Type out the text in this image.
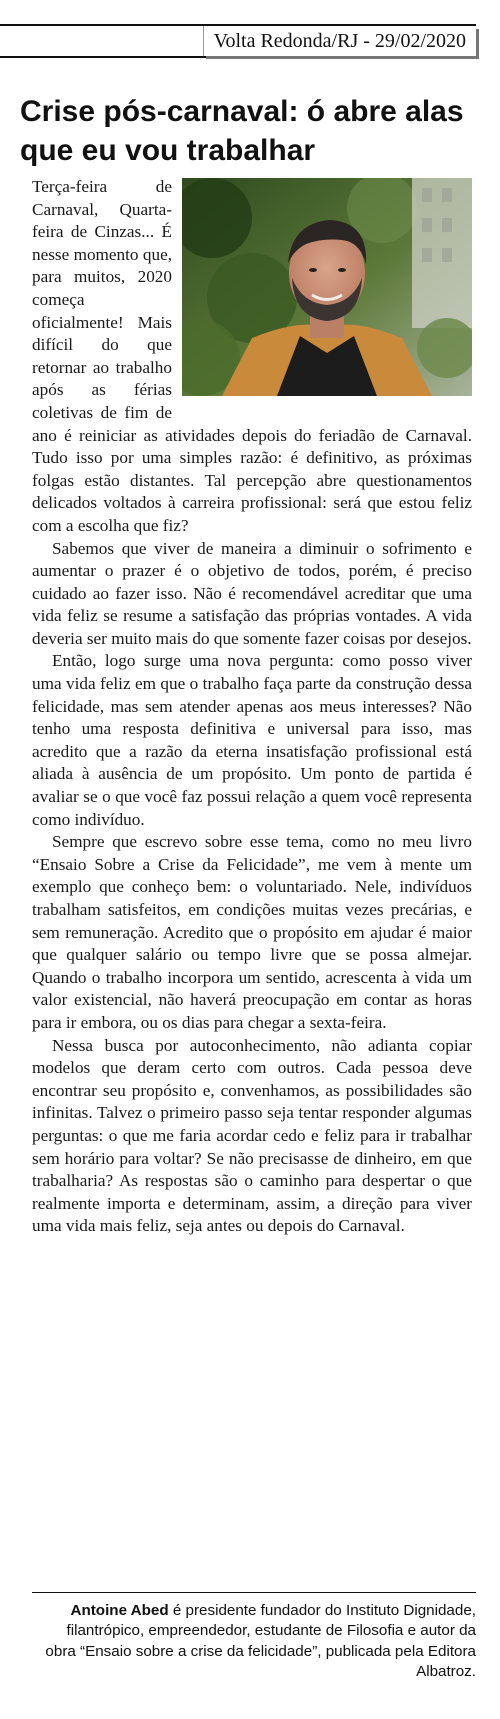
Volta Redonda/RJ - 29/02/2020
Crise pós-carnaval: ó abre alas que eu vou trabalhar

Terça-feira de Carnaval, Quarta-feira de Cinzas... É nesse momento que, para muitos, 2020 começa oficialmente! Mais difícil do que retornar ao trabalho após as férias coletivas de fim de ano é reiniciar as atividades depois do feriadão de Carnaval. Tudo isso por uma simples razão: é definitivo, as próximas folgas estão distantes. Tal percepção abre questionamentos delicados voltados à carreira profissional: será que estou feliz com a escolha que fiz?

Sabemos que viver de maneira a diminuir o sofrimento e aumentar o prazer é o objetivo de todos, porém, é preciso cuidado ao fazer isso. Não é recomendável acreditar que uma vida feliz se resume a satisfação das próprias vontades. A vida deveria ser muito mais do que somente fazer coisas por desejos.

Então, logo surge uma nova pergunta: como posso viver uma vida feliz em que o trabalho faça parte da construção dessa felicidade, mas sem atender apenas aos meus interesses? Não tenho uma resposta definitiva e universal para isso, mas acredito que a razão da eterna insatisfação profissional está aliada à ausência de um propósito. Um ponto de partida é avaliar se o que você faz possui relação a quem você representa como indivíduo.

Sempre que escrevo sobre esse tema, como no meu livro “Ensaio Sobre a Crise da Felicidade”, me vem à mente um exemplo que conheço bem: o voluntariado. Nele, indivíduos trabalham satisfeitos, em condições muitas vezes precárias, e sem remuneração. Acredito que o propósito em ajudar é maior que qualquer salário ou tempo livre que se possa almejar. Quando o trabalho incorpora um sentido, acrescenta à vida um valor existencial, não haverá preocupação em contar as horas para ir embora, ou os dias para chegar a sexta-feira.

Nessa busca por autoconhecimento, não adianta copiar modelos que deram certo com outros. Cada pessoa deve encontrar seu propósito e, convenhamos, as possibilidades são infinitas. Talvez o primeiro passo seja tentar responder algumas perguntas: o que me faria acordar cedo e feliz para ir trabalhar sem horário para voltar? Se não precisasse de dinheiro, em que trabalharia? As respostas são o caminho para despertar o que realmente importa e determinam, assim, a direção para viver uma vida mais feliz, seja antes ou depois do Carnaval.

Antoine Abed é presidente fundador do Instituto Dignidade, filantrópico, empreendedor, estudante de Filosofia e autor da obra “Ensaio sobre a crise da felicidade”, publicada pela Editora Albatroz.
